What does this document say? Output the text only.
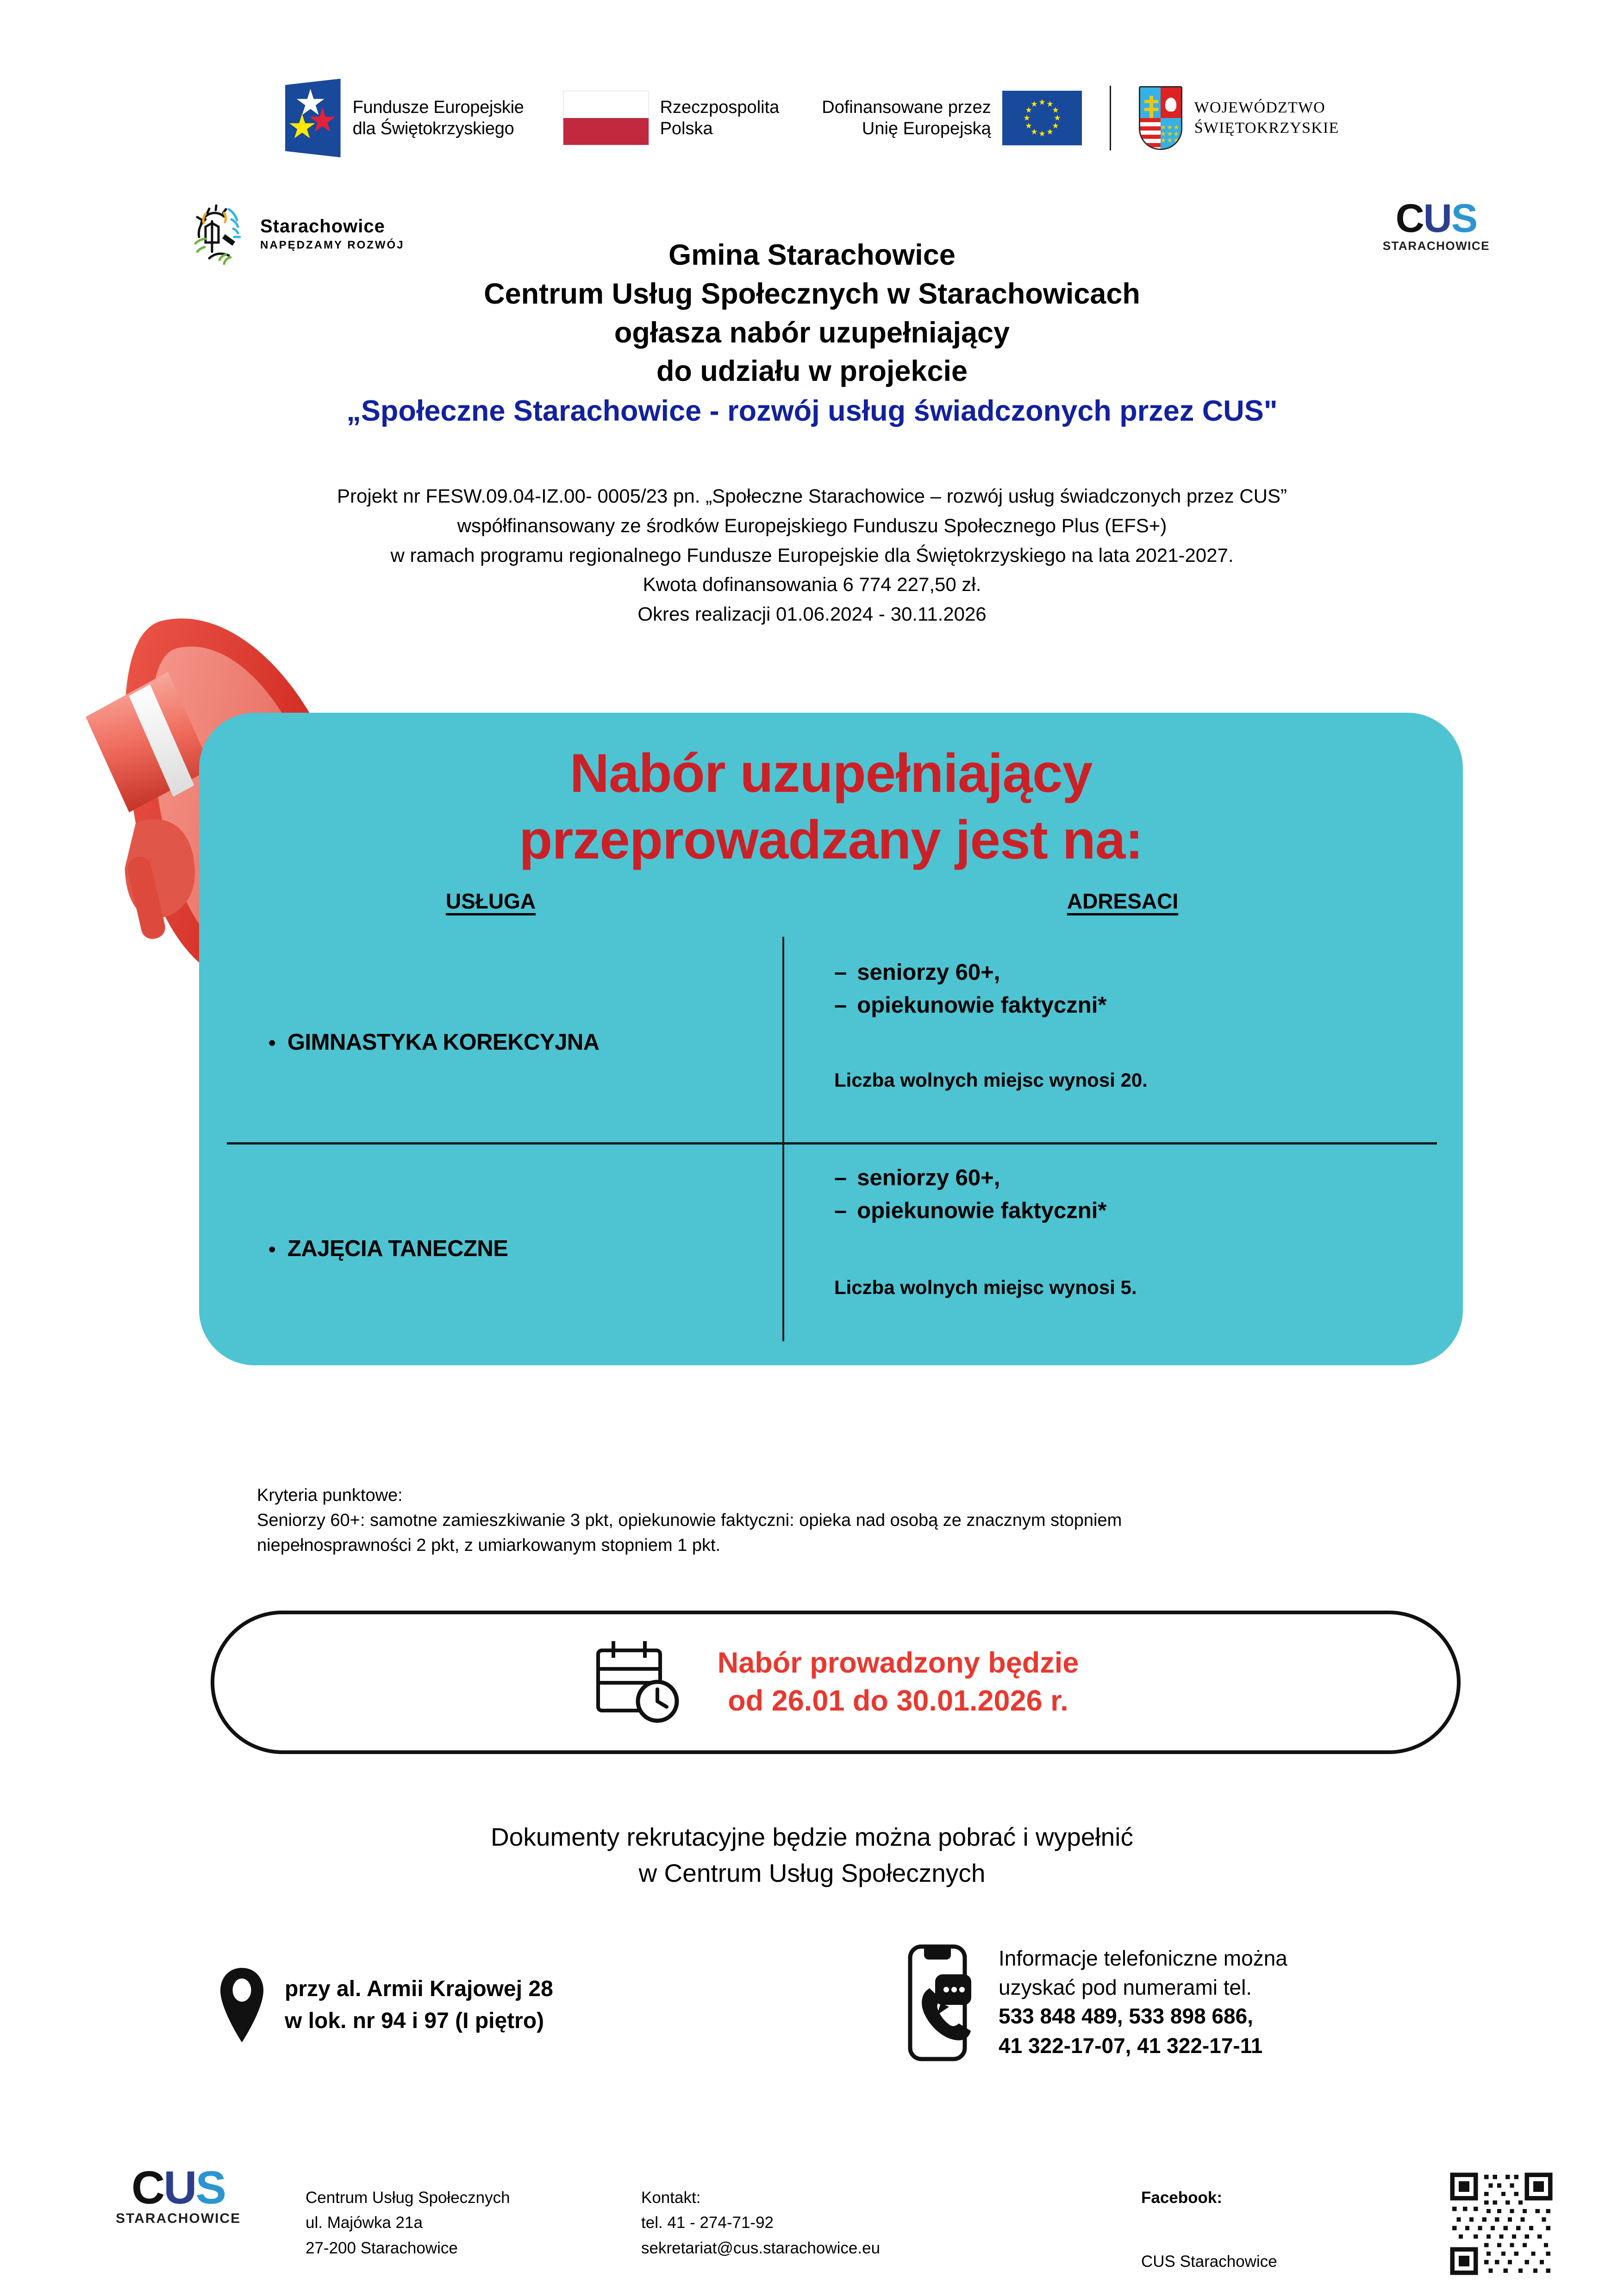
Fundusze Europejskie
dla Świętokrzyskiego
Rzeczpospolita
Polska
Dofinansowane przez
Unię Europejską
WOJEWÓDZTWO
ŚWIĘTOKRZYSKIE
Starachowice
NAPĘDZAMY ROZWÓJ
CUS
STARACHOWICE
Gmina Starachowice
Centrum Usług Społecznych w Starachowicach
ogłasza nabór uzupełniający
do udziału w projekcie
„Społeczne Starachowice - rozwój usług świadczonych przez CUS"
Projekt nr FESW.09.04-IZ.00- 0005/23 pn. „Społeczne Starachowice – rozwój usług świadczonych przez CUS”
współfinansowany ze środków Europejskiego Funduszu Społecznego Plus (EFS+)
w ramach programu regionalnego Fundusze Europejskie dla Świętokrzyskiego na lata 2021-2027.
Kwota dofinansowania 6 774 227,50 zł.
Okres realizacji 01.06.2024 - 30.11.2026
Nabór uzupełniający
przeprowadzany jest na:
USŁUGA	ADRESACI
• GIMNASTYKA KOREKCYJNA
– seniorzy 60+,
– opiekunowie faktyczni*
Liczba wolnych miejsc wynosi 20.
• ZAJĘCIA TANECZNE
– seniorzy 60+,
– opiekunowie faktyczni*
Liczba wolnych miejsc wynosi 5.
Kryteria punktowe:
Seniorzy 60+: samotne zamieszkiwanie 3 pkt, opiekunowie faktyczni: opieka nad osobą ze znacznym stopniem
niepełnosprawności 2 pkt, z umiarkowanym stopniem 1 pkt.
Nabór prowadzony będzie
od 26.01 do 30.01.2026 r.
Dokumenty rekrutacyjne będzie można pobrać i wypełnić
w Centrum Usług Społecznych
przy al. Armii Krajowej 28
w lok. nr 94 i 97 (I piętro)
Informacje telefoniczne można
uzyskać pod numerami tel.
533 848 489, 533 898 686,
41 322-17-07, 41 322-17-11
CUS
STARACHOWICE
Centrum Usług Społecznych
ul. Majówka 21a
27-200 Starachowice
Kontakt:
tel. 41 - 274-71-92
sekretariat@cus.starachowice.eu
Facebook:
CUS Starachowice
